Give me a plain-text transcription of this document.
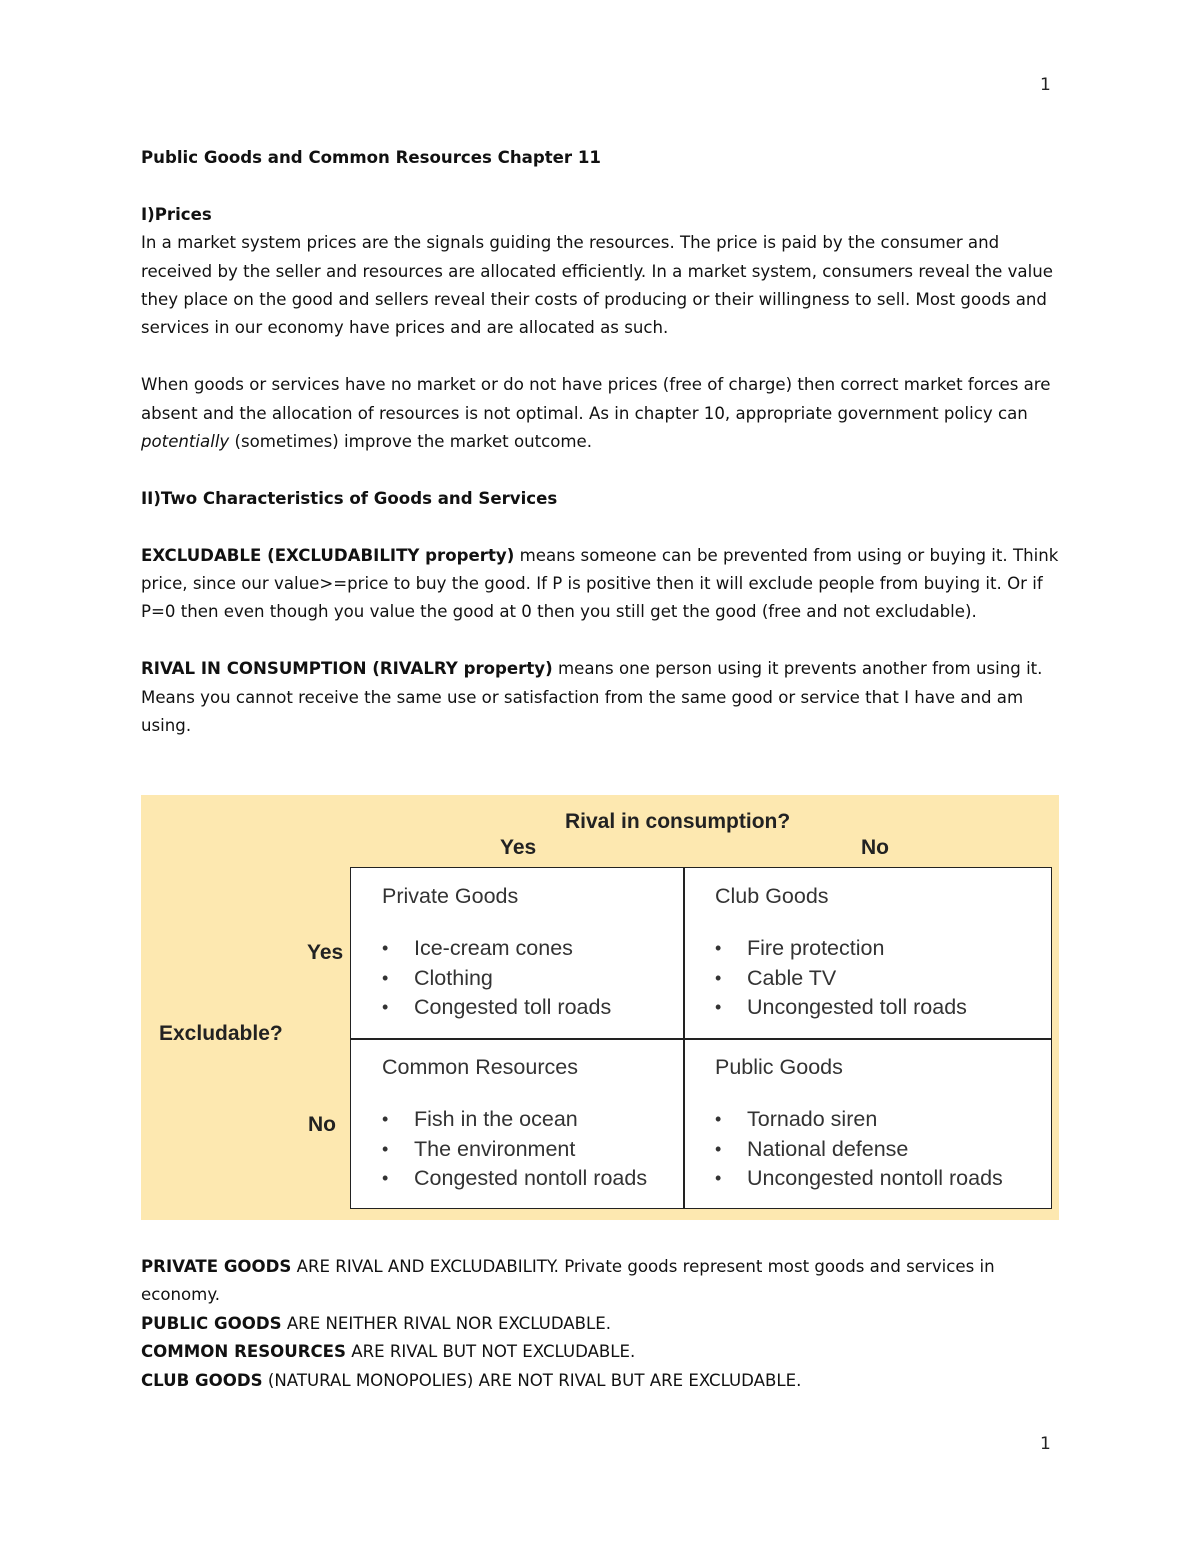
1

Public Goods and Common Resources Chapter 11

I)Prices

In a market system prices are the signals guiding the resources. The price is paid by the consumer and received by the seller and resources are allocated efficiently. In a market system, consumers reveal the value they place on the good and sellers reveal their costs of producing or their willingness to sell. Most goods and services in our economy have prices and are allocated as such.

When goods or services have no market or do not have prices (free of charge) then correct market forces are absent and the allocation of resources is not optimal. As in chapter 10, appropriate government policy can potentially (sometimes) improve the market outcome.

II)Two Characteristics of Goods and Services

EXCLUDABLE (EXCLUDABILITY property) means someone can be prevented from using or buying it. Think price, since our value>=price to buy the good. If P is positive then it will exclude people from buying it. Or if P=0 then even though you value the good at 0 then you still get the good (free and not excludable).

RIVAL IN CONSUMPTION (RIVALRY property) means one person using it prevents another from using it. Means you cannot receive the same use or satisfaction from the same good or service that I have and am using.

Rival in consumption?
Yes	No
Yes
No
Excludable?
Private Goods
• Ice-cream cones
• Clothing
• Congested toll roads
Club Goods
• Fire protection
• Cable TV
• Uncongested toll roads
Common Resources
• Fish in the ocean
• The environment
• Congested nontoll roads
Public Goods
• Tornado siren
• National defense
• Uncongested nontoll roads

PRIVATE GOODS ARE RIVAL AND EXCLUDABILITY. Private goods represent most goods and services in economy.

PUBLIC GOODS ARE NEITHER RIVAL NOR EXCLUDABLE.

COMMON RESOURCES ARE RIVAL BUT NOT EXCLUDABLE.

CLUB GOODS (NATURAL MONOPOLIES) ARE NOT RIVAL BUT ARE EXCLUDABLE.

1
